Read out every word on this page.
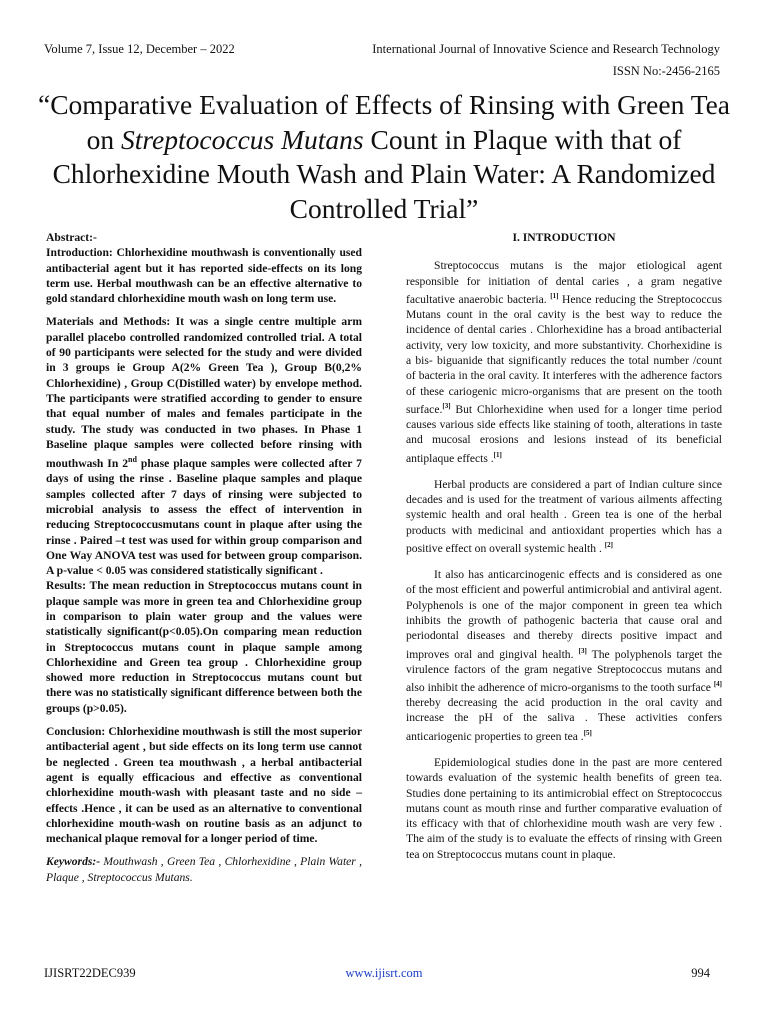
Volume 7, Issue 12, December – 2022	International Journal of Innovative Science and Research Technology
ISSN No:-2456-2165
“Comparative Evaluation of Effects of Rinsing with Green Tea on Streptococcus Mutans Count in Plaque with that of Chlorhexidine Mouth Wash and Plain Water: A Randomized Controlled Trial”

Abstract:-

Introduction: Chlorhexidine mouthwash is conventionally used antibacterial agent but it has reported side-effects on its long term use. Herbal mouthwash can be an effective alternative to gold standard chlorhexidine mouth wash on long term use.

Materials and Methods: It was a single centre multiple arm parallel placebo controlled randomized controlled trial. A total of 90 participants were selected for the study and were divided in 3 groups ie Group A(2% Green Tea ), Group B(0,2% Chlorhexidine) , Group C(Distilled water) by envelope method. The participants were stratified according to gender to ensure that equal number of males and females participate in the study. The study was conducted in two phases. In Phase 1 Baseline plaque samples were collected before rinsing with mouthwash In 2nd phase plaque samples were collected after 7 days of using the rinse . Baseline plaque samples and plaque samples collected after 7 days of rinsing were subjected to microbial analysis to assess the effect of intervention in reducing Streptococcusmutans count in plaque after using the rinse . Paired –t test was used for within group comparison and One Way ANOVA test was used for between group comparison. A p-value < 0.05 was considered statistically significant .

Results: The mean reduction in Streptococcus mutans count in plaque sample was more in green tea and Chlorhexidine group in comparison to plain water group and the values were statistically significant(p<0.05).On comparing mean reduction in Streptococcus mutans count in plaque sample among Chlorhexidine and Green tea group . Chlorhexidine group showed more reduction in Streptococcus mutans count but there was no statistically significant difference between both the groups (p>0.05).

Conclusion: Chlorhexidine mouthwash is still the most superior antibacterial agent , but side effects on its long term use cannot be neglected . Green tea mouthwash , a herbal antibacterial agent is equally efficacious and effective as conventional chlorhexidine mouth-wash with pleasant taste and no side –effects .Hence , it can be used as an alternative to conventional chlorhexidine mouth-wash on routine basis as an adjunct to mechanical plaque removal for a longer period of time.

Keywords:- Mouthwash , Green Tea , Chlorhexidine , Plain Water , Plaque , Streptococcus Mutans.

I. INTRODUCTION

Streptococcus mutans is the major etiological agent responsible for initiation of dental caries , a gram negative facultative anaerobic bacteria. [1] Hence reducing the Streptococcus Mutans count in the oral cavity is the best way to reduce the incidence of dental caries . Chlorhexidine has a broad antibacterial activity, very low toxicity, and more substantivity. Chorhexidine is a bis- biguanide that significantly reduces the total number /count of bacteria in the oral cavity. It interferes with the adherence factors of these cariogenic micro-organisms that are present on the tooth surface.[3] But Chlorhexidine when used for a longer time period causes various side effects like staining of tooth, alterations in taste and mucosal erosions and lesions instead of its beneficial antiplaque effects .[1]

Herbal products are considered a part of Indian culture since decades and is used for the treatment of various ailments affecting systemic health and oral health . Green tea is one of the herbal products with medicinal and antioxidant properties which has a positive effect on overall systemic health . [2]

It also has anticarcinogenic effects and is considered as one of the most efficient and powerful antimicrobial and antiviral agent. Polyphenols is one of the major component in green tea which inhibits the growth of pathogenic bacteria that cause oral and periodontal diseases and thereby directs positive impact and improves oral and gingival health. [3] The polyphenols target the virulence factors of the gram negative Streptococcus mutans and also inhibit the adherence of micro-organisms to the tooth surface [4] thereby decreasing the acid production in the oral cavity and increase the pH of the saliva . These activities confers anticariogenic properties to green tea .[5]

Epidemiological studies done in the past are more centered towards evaluation of the systemic health benefits of green tea. Studies done pertaining to its antimicrobial effect on Streptococcus mutans count as mouth rinse and further comparative evaluation of its efficacy with that of chlorhexidine mouth wash are very few . The aim of the study is to evaluate the effects of rinsing with Green tea on Streptococcus mutans count in plaque.

IJISRT22DEC939	www.ijisrt.com	994
